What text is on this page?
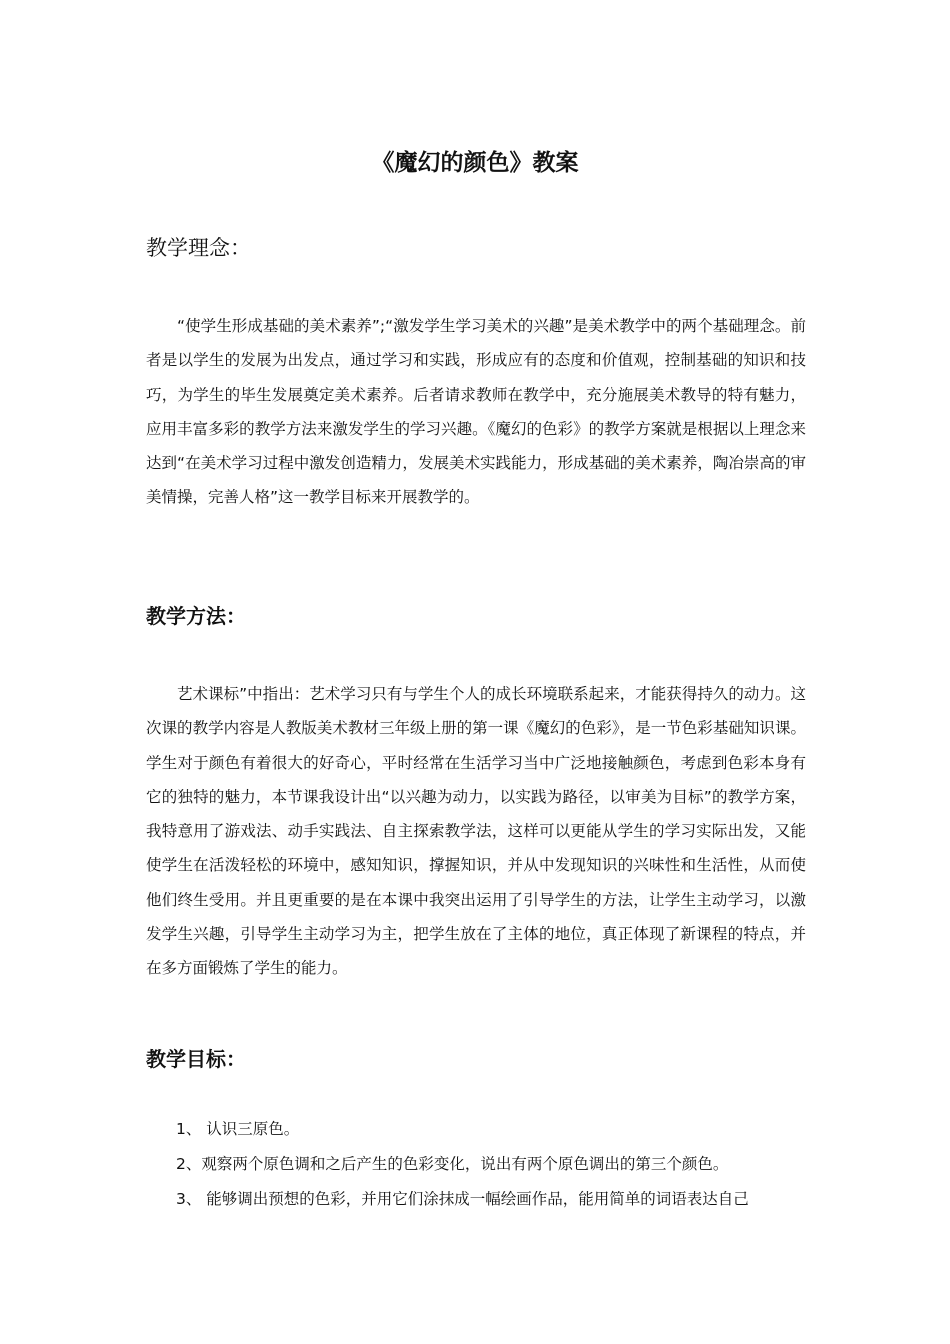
《魔幻的颜色》教案
教学理念：

“使学生形成基础的美术素养”;“激发学生学习美术的兴趣”是美术教学中的两个基础理念。前者是以学生的发展为出发点，通过学习和实践，形成应有的态度和价值观，控制基础的知识和技巧，为学生的毕生发展奠定美术素养。后者请求教师在教学中，充分施展美术教导的特有魅力，应用丰富多彩的教学方法来激发学生的学习兴趣。《魔幻的色彩》的教学方案就是根据以上理念来达到“在美术学习过程中激发创造精力，发展美术实践能力，形成基础的美术素养，陶冶崇高的审美情操，完善人格”这一教学目标来开展教学的。

教学方法：

艺术课标”中指出：艺术学习只有与学生个人的成长环境联系起来，才能获得持久的动力。这次课的教学内容是人教版美术教材三年级上册的第一课《魔幻的色彩》，是一节色彩基础知识课。学生对于颜色有着很大的好奇心，平时经常在生活学习当中广泛地接触颜色，考虑到色彩本身有它的独特的魅力，本节课我设计出“以兴趣为动力，以实践为路径，以审美为目标”的教学方案， 我特意用了游戏法、动手实践法、自主探索教学法，这样可以更能从学生的学习实际出发，又能使学生在活泼轻松的环境中，感知知识，撑握知识，并从中发现知识的兴味性和生活性，从而使他们终生受用。并且更重要的是在本课中我突出运用了引导学生的方法，让学生主动学习，以激发学生兴趣，引导学生主动学习为主，把学生放在了主体的地位，真正体现了新课程的特点，并在多方面锻炼了学生的能力。

教学目标：
1、 认识三原色。
2、观察两个原色调和之后产生的色彩变化，说出有两个原色调出的第三个颜色。
3、 能够调出预想的色彩，并用它们涂抹成一幅绘画作品，能用简单的词语表达自己
